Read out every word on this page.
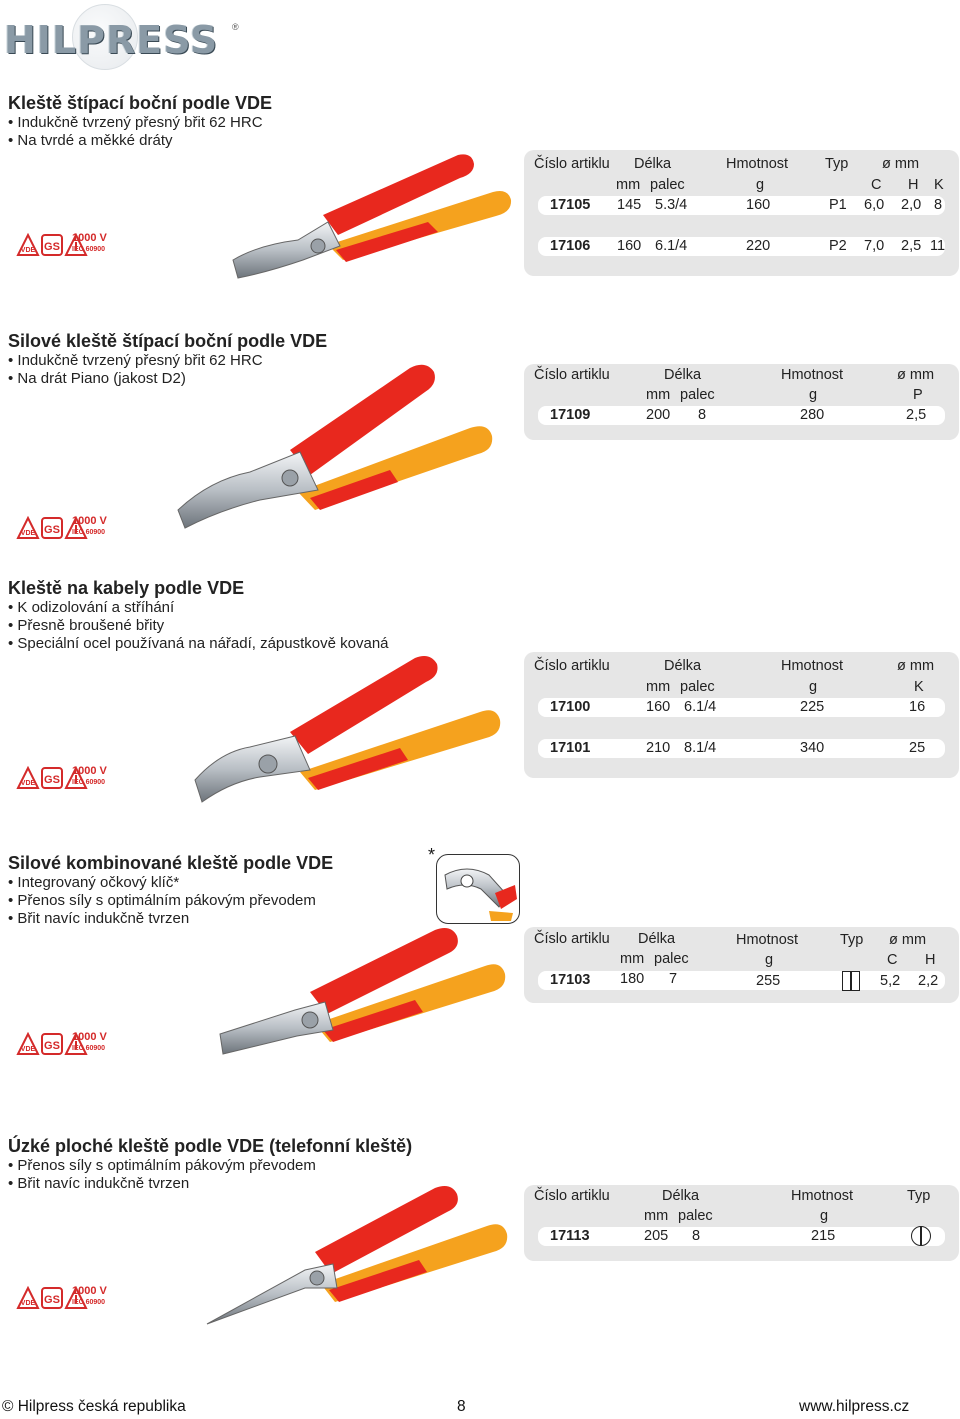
HILPRESS ®
Kleště štípací boční podle VDE
• Indukčně tvrzený přesný břit 62 HRC
• Na tvrdé a měkké dráty
1000 V
IEC 60900
Číslo artiklu Délka	Hmotnost	Typ ø mm
mm palec	g	C H K
17105 145 5.3/4	160	P1 6,0 2,0 8
17106 160 6.1/4	220	P2 7,0 2,5 11
Silové kleště štípací boční podle VDE
• Indukčně tvrzený přesný břit 62 HRC
• Na drát Piano (jakost D2)
1000 V
IEC 60900
Číslo artiklu	Délka	Hmotnost	ø mm
mm palec	g	P
17109	200 8	280	2,5
Kleště na kabely podle VDE
• K odizolování a stříhání
• Přesně broušené břity
• Speciální ocel používaná na nářadí, zápustkově kovaná
1000 V
IEC 60900
Číslo artiklu	Délka	Hmotnost	ø mm
mm palec	g	K
17100	160 6.1/4	225	16
17101	210 8.1/4	340	25
Silové kombinované kleště podle VDE
• Integrovaný očkový klíč*
• Přenos síly s optimálním pákovým převodem
• Břit navíc indukčně tvrzen
*
1000 V
IEC 60900
Číslo artiklu Délka	Hmotnost	Typ ø mm
mm palec	g	C H
17103 180 7	255	5,2 2,2
Úzké ploché kleště podle VDE (telefonní kleště)
• Přenos síly s optimálním pákovým převodem
• Břit navíc indukčně tvrzen
1000 V
IEC 60900
Číslo artiklu	Délka	Hmotnost	Typ
mm palec	g
17113	205 8	215
© Hilpress česká republika	8	www.hilpress.cz
